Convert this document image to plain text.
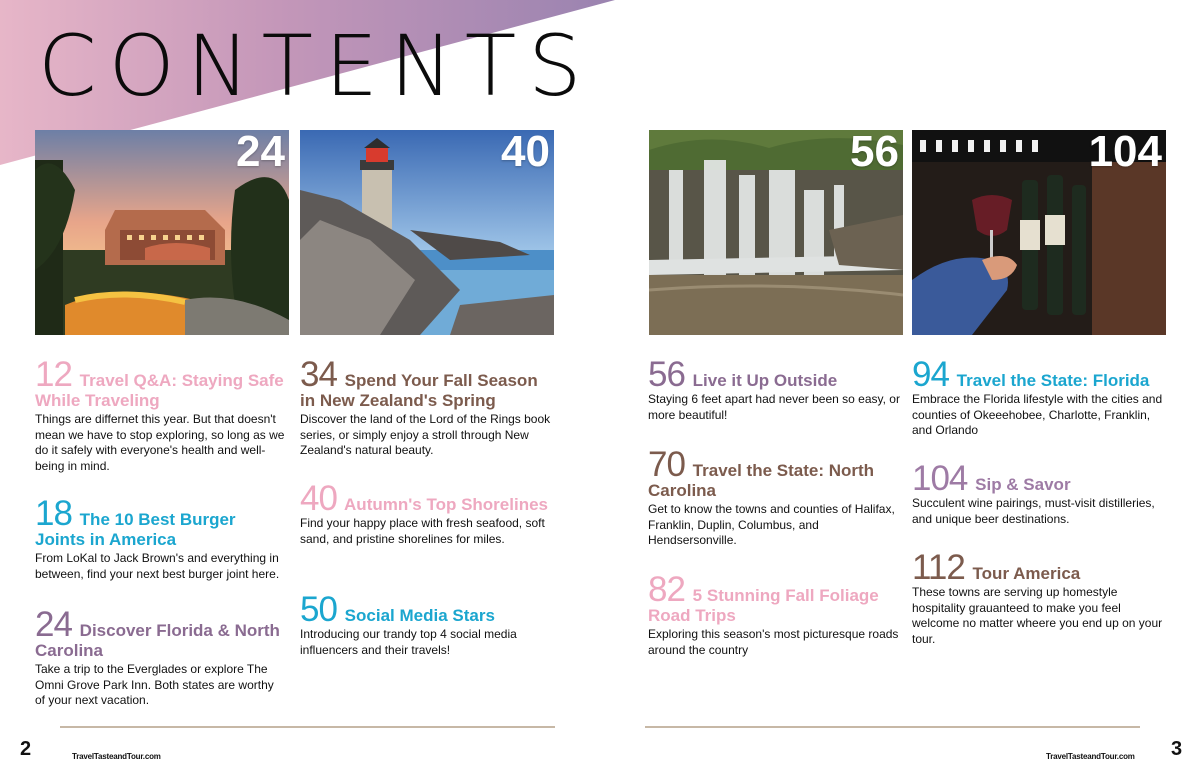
CONTENTS
24	40	56	104
12 Travel Q&A: Staying Safe While Traveling
Things are differnet this year. But that doesn't mean we have to stop exploring, so long as we do it safely with everyone's health and well-being in mind.
18 The 10 Best Burger Joints in America
From LoKal to Jack Brown's and everything in between, find your next best burger joint here.
24 Discover Florida & North Carolina
Take a trip to the Everglades or explore The Omni Grove Park Inn. Both states are worthy of your next vacation.
34 Spend Your Fall Season in New Zealand's Spring
Discover the land of the Lord of the Rings book series, or simply enjoy a stroll through New Zealand's natural beauty.
40 Autumn's Top Shorelines
Find your happy place with fresh seafood, soft sand, and pristine shorelines for miles.
50 Social Media Stars
Introducing our trandy top 4 social media influencers and their travels!
56 Live it Up Outside
Staying 6 feet apart had never been so easy, or more beautiful!
70 Travel the State: North Carolina
Get to know the towns and counties of Halifax, Franklin, Duplin, Columbus, and Hendsersonville.
82 5 Stunning Fall Foliage Road Trips
Exploring this season's most picturesque roads around the country
94 Travel the State: Florida
Embrace the Florida lifestyle with the cities and counties of Okeeehobee, Charlotte, Franklin, and Orlando
104 Sip & Savor
Succulent wine pairings, must-visit distilleries, and unique beer destinations.
112 Tour America
These towns are serving up homestyle hospitality grauanteed to make you feel welcome no matter wheere you end up on your tour.
2	TravelTasteandTour.com	TravelTasteandTour.com 3
